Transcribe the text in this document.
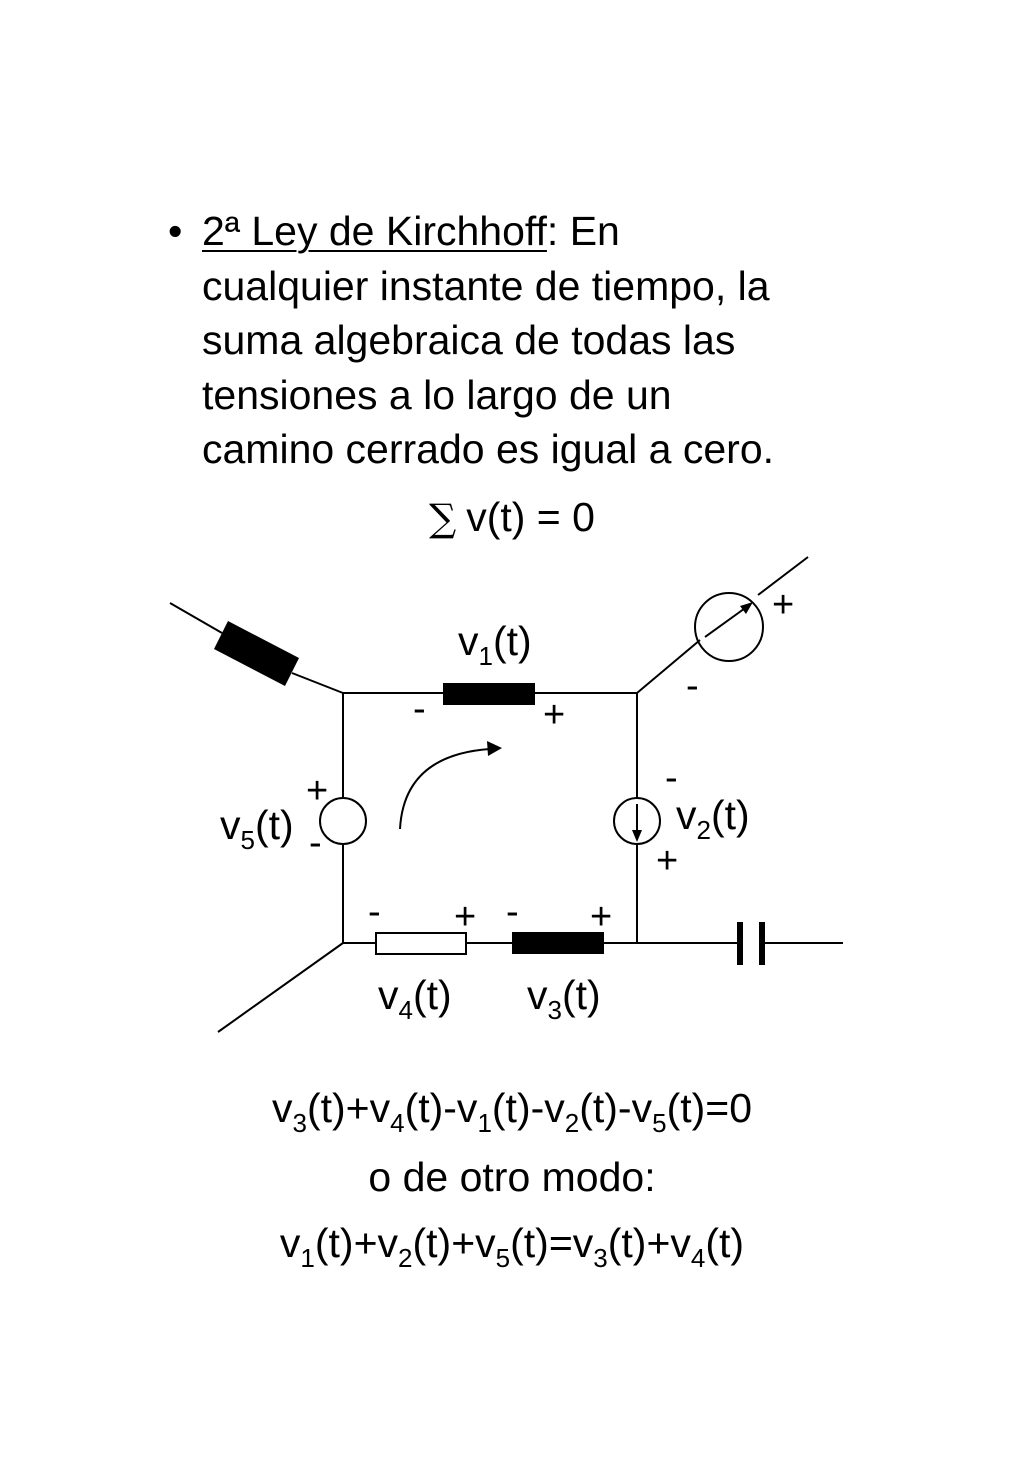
• 2ª Ley de Kirchhoff: En
cualquier instante de tiempo, la
suma algebraica de todas las
tensiones a lo largo de un
camino cerrado es igual a cero.
∑ v(t) = 0
$v_1(t)$
$v_2(t)$
$v_3(t)$
$v_4(t)$
$v_5(t)$
-	+
-
+
+
-
- + - +
-
+
$v_3(t)+v_4(t)-v_1(t)-v_2(t)-v_5(t)=0$
o de otro modo:
$v_1(t)+v_2(t)+v_5(t)=v_3(t)+v_4(t)$
